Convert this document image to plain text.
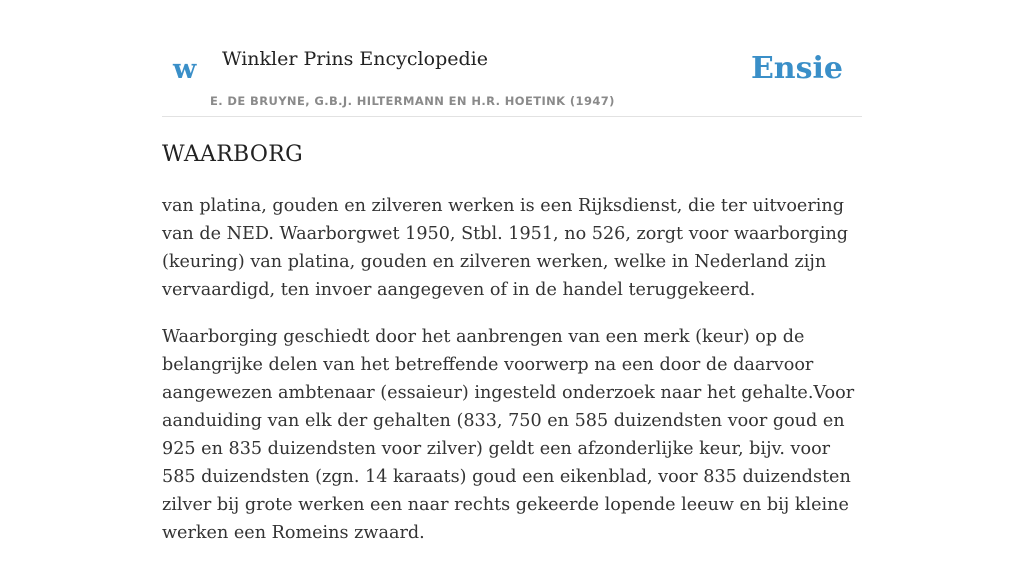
w Winkler Prins Encyclopedie
E. DE BRUYNE, G.B.J. HILTERMANN EN H.R. HOETINK (1947)
Ensie
WAARBORG

van platina, gouden en zilveren werken is een Rijksdienst, die ter uitvoering van de NED. Waarborgwet 1950, Stbl. 1951, no 526, zorgt voor waarborging (keuring) van platina, gouden en zilveren werken, welke in Nederland zijn vervaardigd, ten invoer aangegeven of in de handel teruggekeerd.

Waarborging geschiedt door het aanbrengen van een merk (keur) op de belangrijke delen van het betreffende voorwerp na een door de daarvoor aangewezen ambtenaar (essaieur) ingesteld onderzoek naar het gehalte.Voor aanduiding van elk der gehalten (833, 750 en 585 duizendsten voor goud en 925 en 835 duizendsten voor zilver) geldt een afzonderlijke keur, bijv. voor 585 duizendsten (zgn. 14 karaats) goud een eikenblad, voor 835 duizendsten zilver bij grote werken een naar rechts gekeerde lopende leeuw en bij kleine werken een Romeins zwaard.
